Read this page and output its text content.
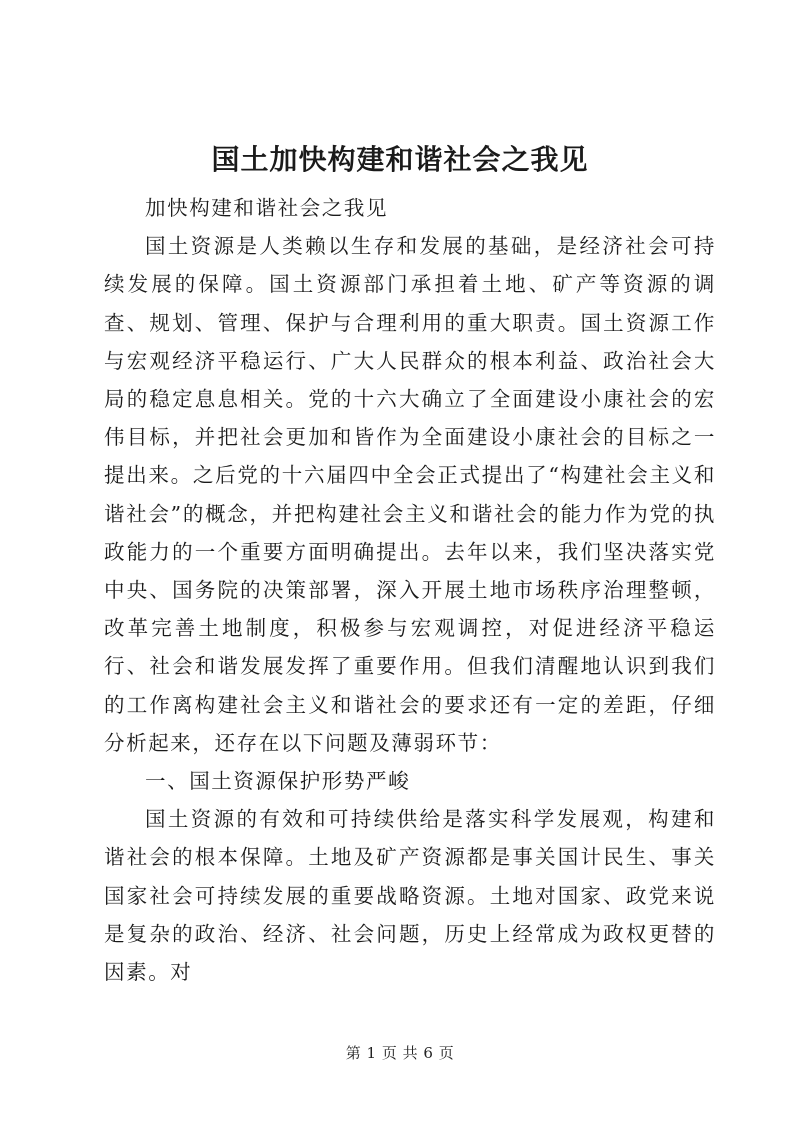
国土加快构建和谐社会之我见

加快构建和谐社会之我见

国土资源是人类赖以生存和发展的基础，是经济社会可持续发展的保障。国土资源部门承担着土地、矿产等资源的调查、规划、管理、保护与合理利用的重大职责。国土资源工作与宏观经济平稳运行、广大人民群众的根本利益、政治社会大局的稳定息息相关。党的十六大确立了全面建设小康社会的宏伟目标，并把社会更加和皆作为全面建设小康社会的目标之一提出来。之后党的十六届四中全会正式提出了“构建社会主义和谐社会”的概念，并把构建社会主义和谐社会的能力作为党的执政能力的一个重要方面明确提出。去年以来，我们坚决落实党中央、国务院的决策部署，深入开展土地市场秩序治理整顿，改革完善土地制度，积极参与宏观调控，对促进经济平稳运行、社会和谐发展发挥了重要作用。但我们清醒地认识到我们的工作离构建社会主义和谐社会的要求还有一定的差距，仔细分析起来，还存在以下问题及薄弱环节：

一、国土资源保护形势严峻

国土资源的有效和可持续供给是落实科学发展观，构建和谐社会的根本保障。土地及矿产资源都是事关国计民生、事关国家社会可持续发展的重要战略资源。土地对国家、政党来说是复杂的政治、经济、社会问题，历史上经常成为政权更替的因素。对

第 1 页 共 6 页
